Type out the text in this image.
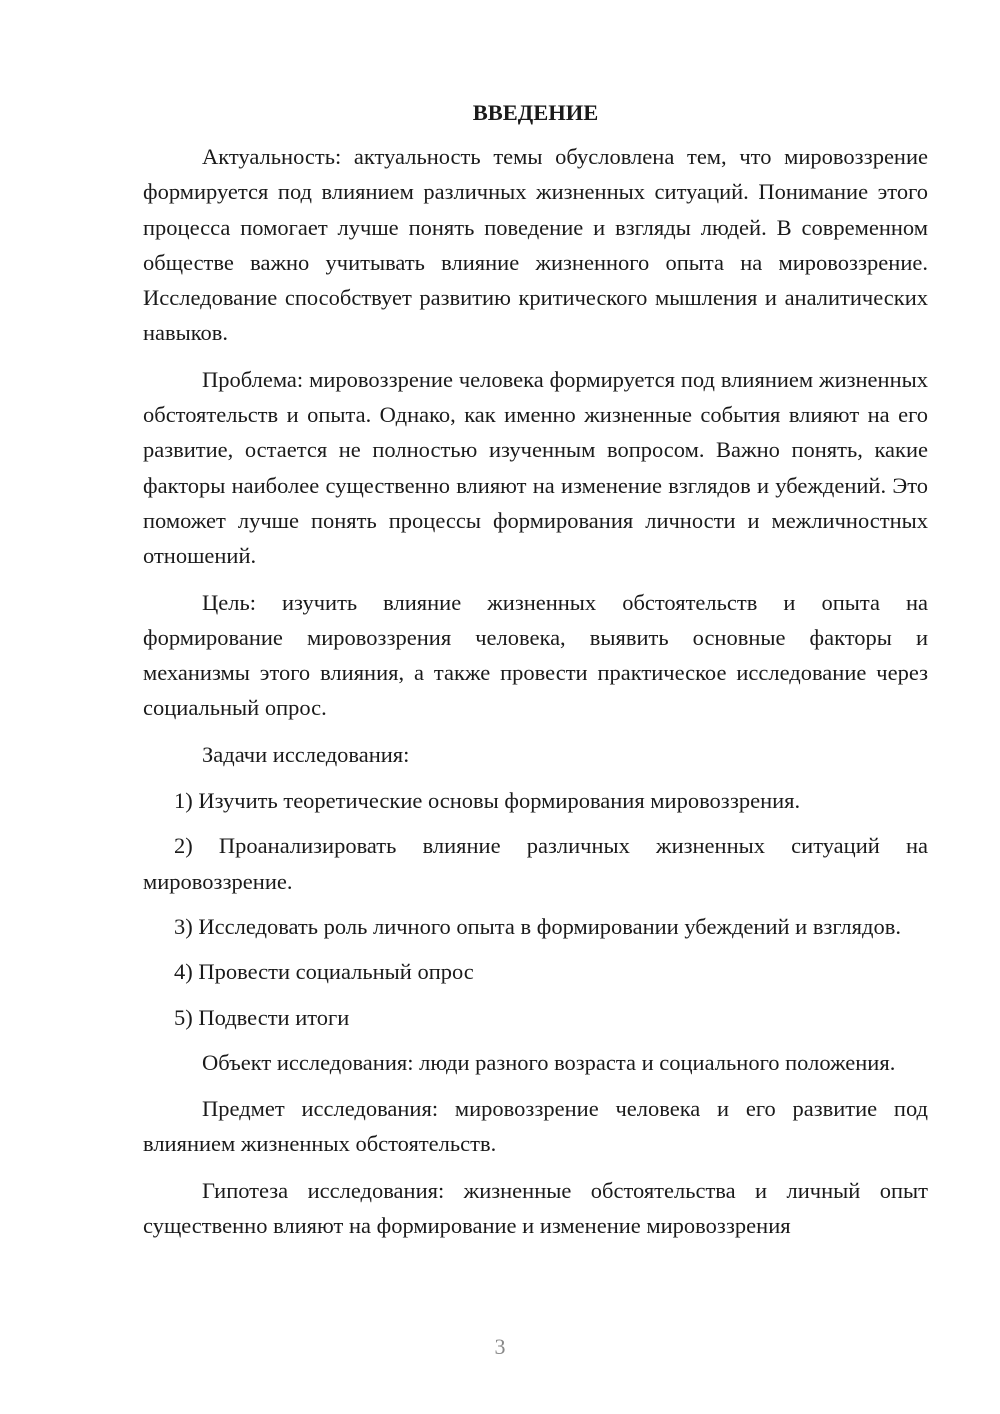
ВВЕДЕНИЕ

Актуальность: актуальность темы обусловлена тем, что мировоззрение формируется под влиянием различных жизненных ситуаций. Понимание этого процесса помогает лучше понять поведение и взгляды людей. В современном обществе важно учитывать влияние жизненного опыта на мировоззрение. Исследование способствует развитию критического мышления и аналитических навыков.

Проблема: мировоззрение человека формируется под влиянием жизненных обстоятельств и опыта. Однако, как именно жизненные события влияют на его развитие, остается не полностью изученным вопросом. Важно понять, какие факторы наиболее существенно влияют на изменение взглядов и убеждений. Это поможет лучше понять процессы формирования личности и межличностных отношений.

Цель: изучить влияние жизненных обстоятельств и опыта на формирование мировоззрения человека, выявить основные факторы и механизмы этого влияния, а также провести практическое исследование через социальный опрос.

Задачи исследования:

1) Изучить теоретические основы формирования мировоззрения.

2) Проанализировать влияние различных жизненных ситуаций на мировоззрение.

3) Исследовать роль личного опыта в формировании убеждений и взглядов.

4) Провести социальный опрос

5) Подвести итоги

Объект исследования: люди разного возраста и социального положения.

Предмет исследования: мировоззрение человека и его развитие под влиянием жизненных обстоятельств.

Гипотеза исследования: жизненные обстоятельства и личный опыт существенно влияют на формирование и изменение мировоззрения

3
